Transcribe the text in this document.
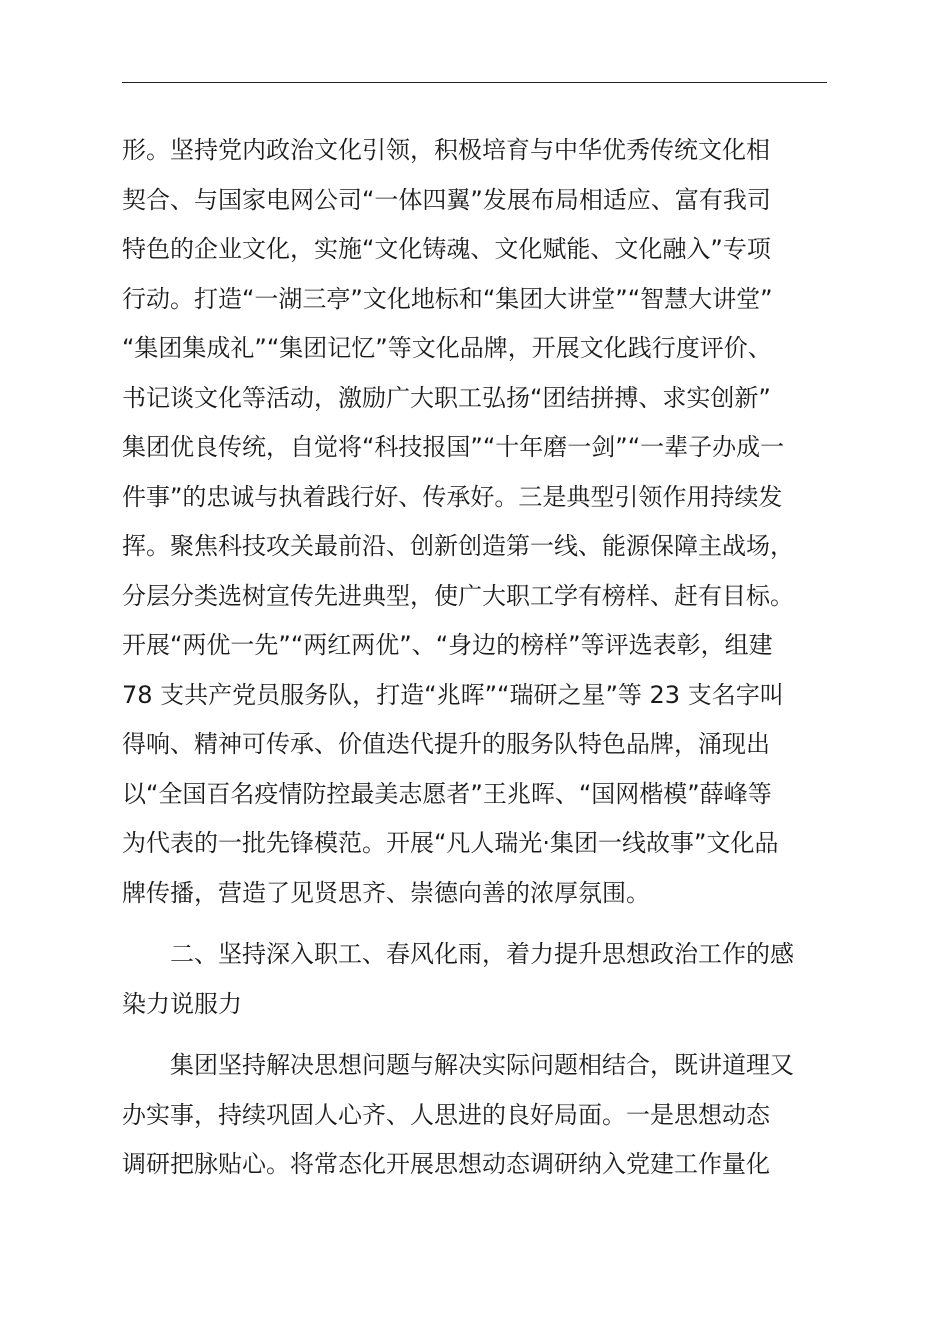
形。坚持党内政治文化引领，积极培育与中华优秀传统文化相
契合、与国家电网公司“一体四翼”发展布局相适应、富有我司
特色的企业文化，实施“文化铸魂、文化赋能、文化融入”专项
行动。打造“一湖三亭”文化地标和“集团大讲堂”“智慧大讲堂”
“集团集成礼”“集团记忆”等文化品牌，开展文化践行度评价、
书记谈文化等活动，激励广大职工弘扬“团结拼搏、求实创新”
集团优良传统，自觉将“科技报国”“十年磨一剑”“一辈子办成一
件事”的忠诚与执着践行好、传承好。三是典型引领作用持续发
挥。聚焦科技攻关最前沿、创新创造第一线、能源保障主战场，
分层分类选树宣传先进典型，使广大职工学有榜样、赶有目标。
开展“两优一先”“两红两优”、“身边的榜样”等评选表彰，组建
78 支共产党员服务队，打造“兆晖”“瑞研之星”等 23 支名字叫
得响、精神可传承、价值迭代提升的服务队特色品牌，涌现出
以“全国百名疫情防控最美志愿者”王兆晖、“国网楷模”薛峰等
为代表的一批先锋模范。开展“凡人瑞光·集团一线故事”文化品
牌传播，营造了见贤思齐、崇德向善的浓厚氛围。
　　二、坚持深入职工、春风化雨，着力提升思想政治工作的感
染力说服力
　　集团坚持解决思想问题与解决实际问题相结合，既讲道理又
办实事，持续巩固人心齐、人思进的良好局面。一是思想动态
调研把脉贴心。将常态化开展思想动态调研纳入党建工作量化
